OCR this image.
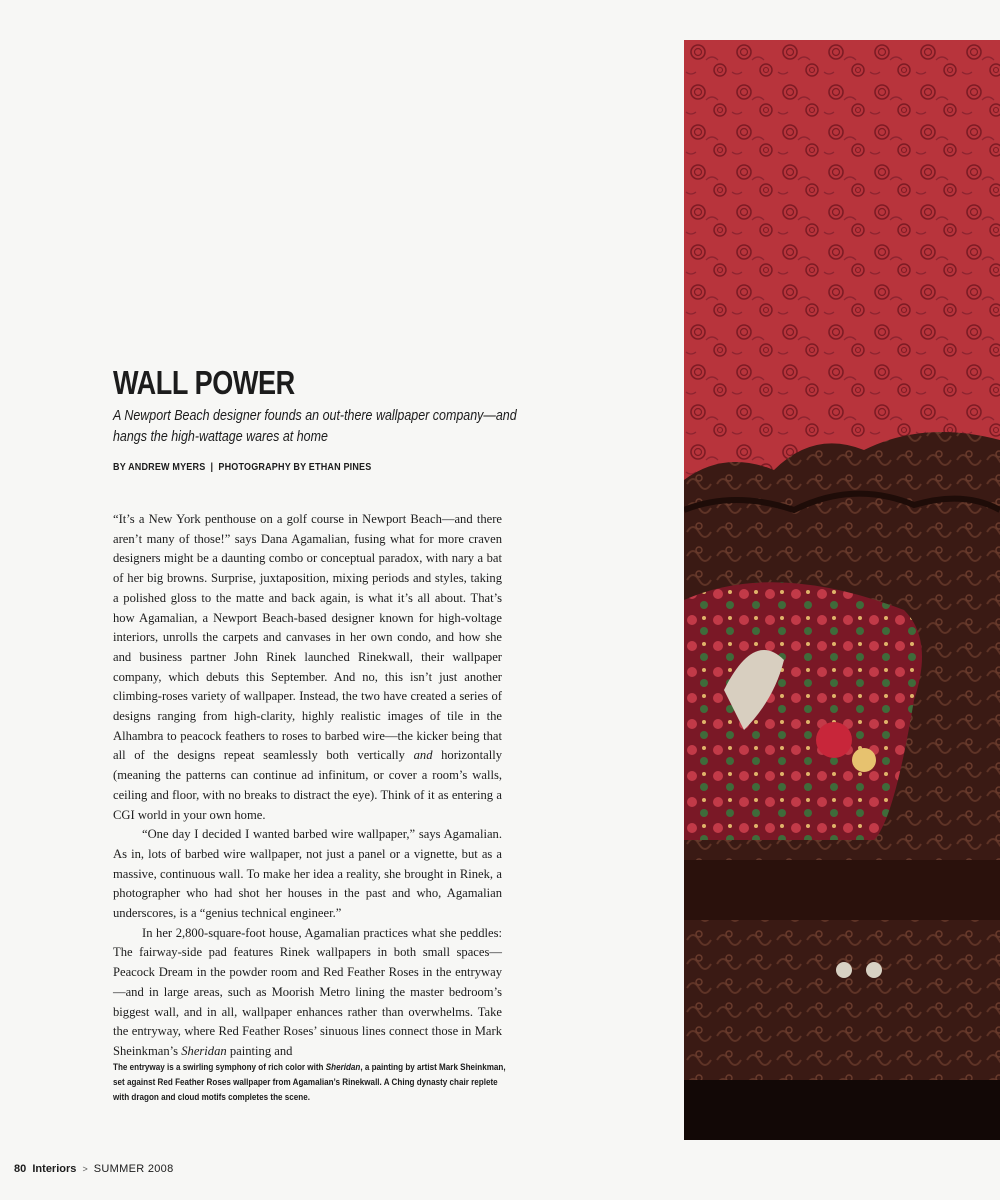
WALL POWER

A Newport Beach designer founds an out-there wallpaper company—and hangs the high-wattage wares at home

BY ANDREW MYERS | PHOTOGRAPHY BY ETHAN PINES

“It’s a New York penthouse on a golf course in Newport Beach—and there aren’t many of those!” says Dana Agamalian, fusing what for more craven designers might be a daunting combo or conceptual paradox, with nary a bat of her big browns. Surprise, juxtaposition, mixing periods and styles, taking a polished gloss to the matte and back again, is what it’s all about. That’s how Agamalian, a Newport Beach-based designer known for high-voltage interiors, unrolls the carpets and canvases in her own condo, and how she and business partner John Rinek launched Rinekwall, their wallpaper company, which debuts this September. And no, this isn’t just another climbing-roses variety of wallpaper. Instead, the two have created a series of designs ranging from high-clarity, highly realistic images of tile in the Alhambra to peacock feathers to roses to barbed wire—the kicker being that all of the designs repeat seamlessly both vertically and horizontally (meaning the patterns can continue ad infinitum, or cover a room’s walls, ceiling and floor, with no breaks to distract the eye). Think of it as entering a CGI world in your own home.

“One day I decided I wanted barbed wire wallpaper,” says Agamalian. As in, lots of barbed wire wallpaper, not just a panel or a vignette, but as a massive, continuous wall. To make her idea a reality, she brought in Rinek, a photographer who had shot her houses in the past and who, Agamalian underscores, is a “genius technical engineer.”

In her 2,800-square-foot house, Agamalian practices what she peddles: The fairway-side pad features Rinek wallpapers in both small spaces—Peacock Dream in the powder room and Red Feather Roses in the entryway—and in large areas, such as Moorish Metro lining the master bedroom’s biggest wall, and in all, wallpaper enhances rather than overwhelms. Take the entryway, where Red Feather Roses’ sinuous lines connect those in Mark Sheinkman’s Sheridan painting and

The entryway is a swirling symphony of rich color with Sheridan, a painting by artist Mark Sheinkman, set against Red Feather Roses wallpaper from Agamalian’s Rinekwall. A Ching dynasty chair replete with dragon and cloud motifs completes the scene.

80 Interiors > SUMMER 2008
